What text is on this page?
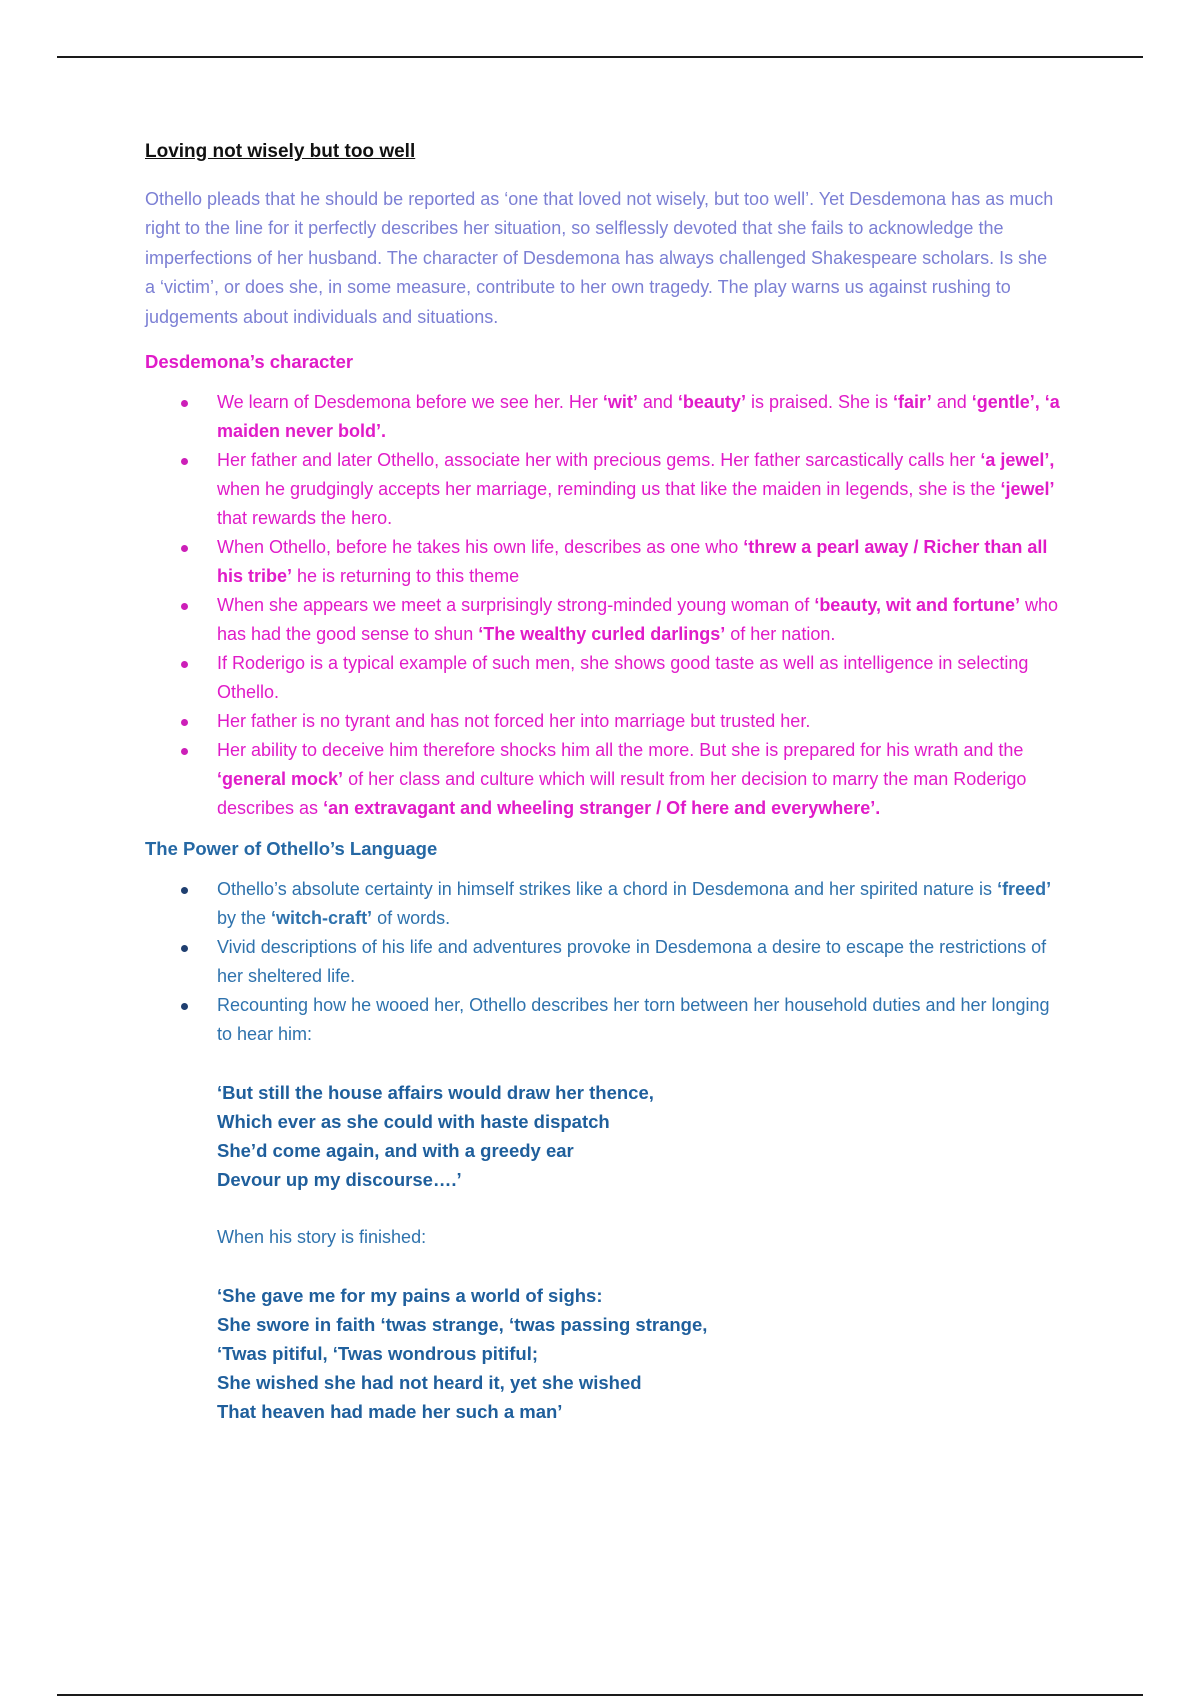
Loving not wisely but too well

Othello pleads that he should be reported as ‘one that loved not wisely, but too well’. Yet Desdemona has as much right to the line for it perfectly describes her situation, so selflessly devoted that she fails to acknowledge the imperfections of her husband. The character of Desdemona has always challenged Shakespeare scholars. Is she a ‘victim’, or does she, in some measure, contribute to her own tragedy. The play warns us against rushing to judgements about individuals and situations.

Desdemona’s character
We learn of Desdemona before we see her. Her ‘wit’ and ‘beauty’ is praised. She is ‘fair’ and ‘gentle’, ‘a maiden never bold’.
Her father and later Othello, associate her with precious gems. Her father sarcastically calls her ‘a jewel’, when he grudgingly accepts her marriage, reminding us that like the maiden in legends, she is the ‘jewel’ that rewards the hero.
When Othello, before he takes his own life, describes as one who ‘threw a pearl away / Richer than all his tribe’ he is returning to this theme
When she appears we meet a surprisingly strong-minded young woman of ‘beauty, wit and fortune’ who has had the good sense to shun ‘The wealthy curled darlings’ of her nation.
If Roderigo is a typical example of such men, she shows good taste as well as intelligence in selecting Othello.
Her father is no tyrant and has not forced her into marriage but trusted her.
Her ability to deceive him therefore shocks him all the more. But she is prepared for his wrath and the ‘general mock’ of her class and culture which will result from her decision to marry the man Roderigo describes as ‘an extravagant and wheeling stranger / Of here and everywhere’.
The Power of Othello’s Language
Othello’s absolute certainty in himself strikes like a chord in Desdemona and her spirited nature is ‘freed’ by the ‘witch-craft’ of words.
Vivid descriptions of his life and adventures provoke in Desdemona a desire to escape the restrictions of her sheltered life.
Recounting how he wooed her, Othello describes her torn between her household duties and her longing to hear him:
‘But still the house affairs would draw her thence,
Which ever as she could with haste dispatch
She’d come again, and with a greedy ear
Devour up my discourse….’
When his story is finished:
‘She gave me for my pains a world of sighs:
She swore in faith ‘twas strange, ‘twas passing strange,
‘Twas pitiful, ‘Twas wondrous pitiful;
She wished she had not heard it, yet she wished
That heaven had made her such a man’
